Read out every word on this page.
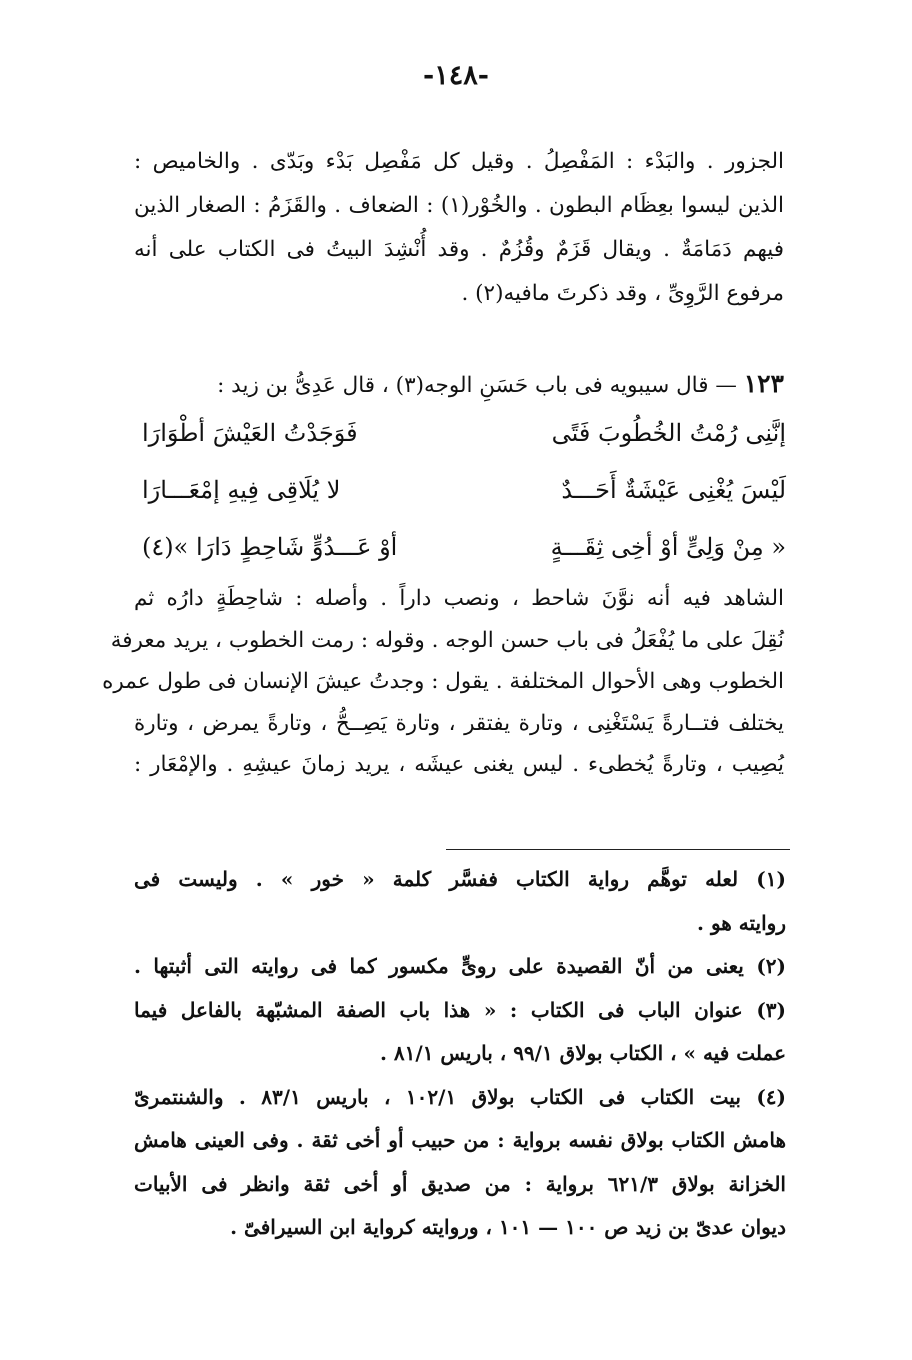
-١٤٨-
الجزور . والبَدْء : المَفْصِلُ . وقيل كل مَفْصِل بَدْء وبَدّى . والخاميص :
الذين ليسوا بعِظَام البطون . والخُوْر(١) : الضعاف . والقَزَمُ : الصغار الذين
فيهم دَمَامَةٌ . ويقال قَزَمٌ وقُزُمٌ . وقد أُنْشِدَ البيتُ فى الكتاب على أنه
مرفوع الرَّوِىِّ ، وقد ذكرتَ مافيه(٢) .
١٢٣ — قال سيبويه فى باب حَسَنِ الوجه(٣) ، قال عَدِىُّ بن زيد :
إنَّنِى رُمْتُ الخُطُوبَ فَتًى
فَوَجَدْتُ العَيْشَ أطْوَارَا
لَيْسَ يُغْنِى عَيْشَةٌ أَحَـــدٌ
لا يُلَاقِى فِيهِ إمْعَـــارَا
« مِنْ وَلِىٍّ أوْ أخِى ثِقَـــةٍ
أوْ عَـــدُوٍّ شَاحِطٍ دَارَا »(٤)
الشاهد فيه أنه نوَّنَ شاحط ، ونصب داراً . وأصله : شاحِطَةٍ دارُه ثم
نُقِلَ على ما يُفْعَلُ فى باب حسن الوجه . وقوله : رمت الخطوب ، يريد معرفة
الخطوب وهى الأحوال المختلفة . يقول : وجدتُ عيشَ الإنسان فى طول عمره
يختلف فتــارةً يَسْتَغْنِى ، وتارة يفتقر ، وتارة يَصِــحُّ ، وتارةً يمرض ، وتارة
يُصِيب ، وتارةً يُخطىء . ليس يغنى عيشَه ، يريد زمانَ عيشِهِ . والإمْعَار :
(١) لعله توهَّم رواية الكتاب ففسَّر كلمة « خور » . وليست فى
روايته هو .
(٢) يعنى من أنّ القصيدة على روىٍّ مكسور كما فى روايته التى أثبتها .
(٣) عنوان الباب فى الكتاب : « هذا باب الصفة المشبّهة بالفاعل فيما
عملت فيه » ، الكتاب بولاق ٩٩/١ ، باريس ٨١/١ .
(٤) بيت الكتاب فى الكتاب بولاق ١٠٢/١ ، باريس ٨٣/١ . والشنتمرىّ
هامش الكتاب بولاق نفسه برواية : من حبيب أو أخى ثقة . وفى العينى هامش
الخزانة بولاق ٦٢١/٣ برواية : من صديق أو أخى ثقة وانظر فى الأبيات
ديوان عدىّ بن زيد ص ١٠٠ — ١٠١ ، وروايته كرواية ابن السيرافىّ .
